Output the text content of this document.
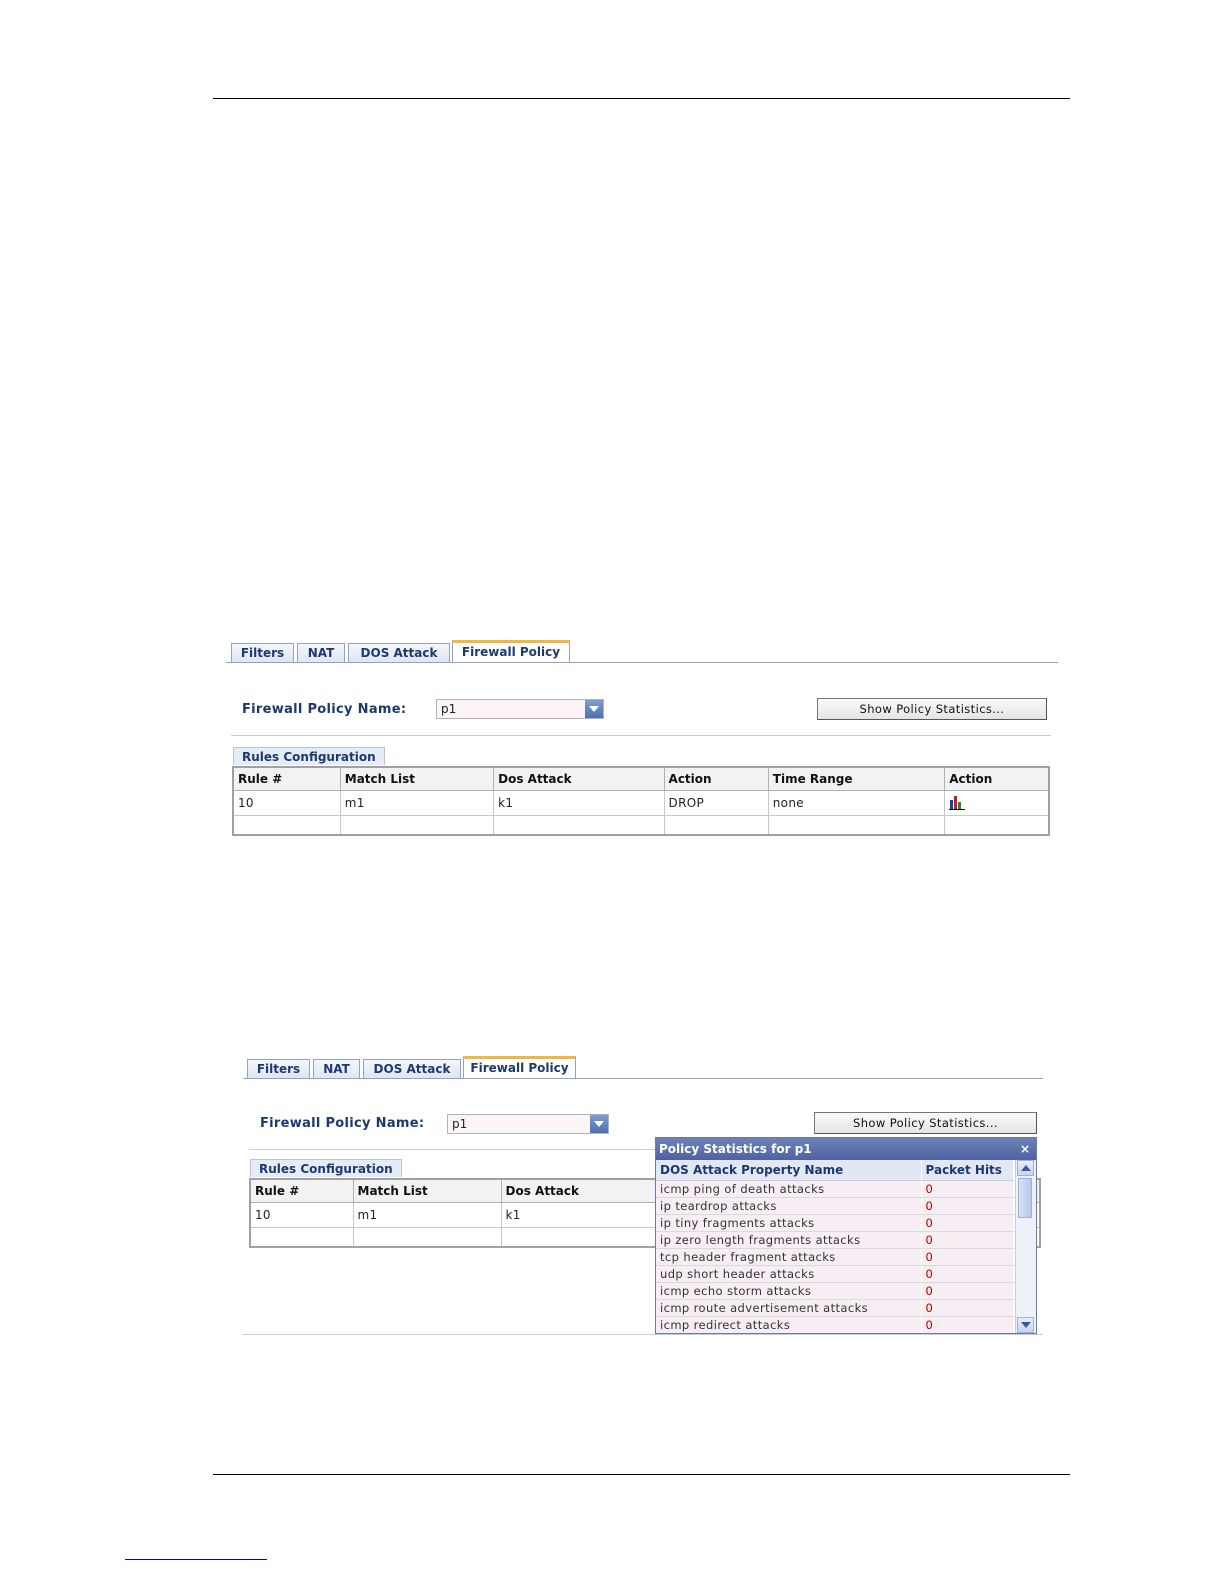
Filters	NAT	DOS Attack	Firewall Policy
Firewall Policy Name:	p1	Show Policy Statistics...
Rules Configuration
Rule #	Match List	Dos Attack	Action	Time Range	Action
10	m1	k1	DROP	none	

Filters	NAT	DOS Attack	Firewall Policy
Firewall Policy Name: p1	Show Policy Statistics...
Rules Configuration
Rule #	Match List	Dos Attack
10	m1	k1

Policy Statistics for p1	×
DOS Attack Property Name	Packet Hits
icmp ping of death attacks	0
ip teardrop attacks	0
ip tiny fragments attacks	0
ip zero length fragments attacks	0
tcp header fragment attacks	0
udp short header attacks	0
icmp echo storm attacks	0
icmp route advertisement attacks	0
icmp redirect attacks	0
